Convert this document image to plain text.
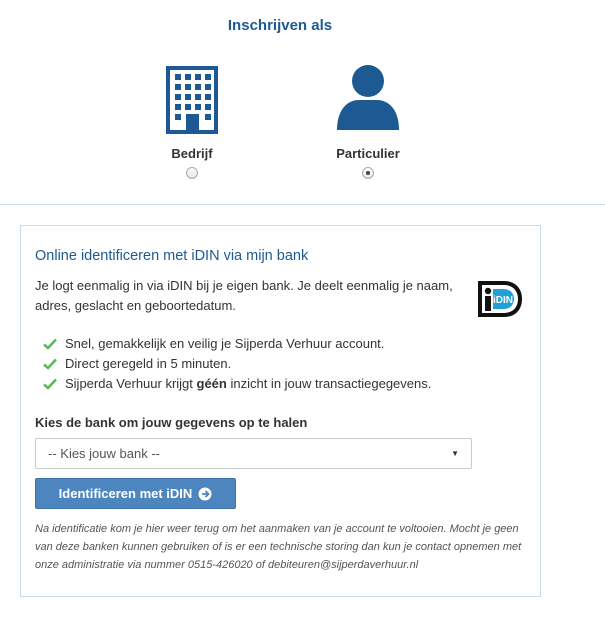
Inschrijven als
Bedrijf	Particulier
Online identificeren met iDIN via mijn bank
Je logt eenmalig in via iDIN bij je eigen bank. Je deelt eenmalig je naam, adres, geslacht en geboortedatum.	iDIN
Snel, gemakkelijk en veilig je Sijperda Verhuur account.
Direct geregeld in 5 minuten.
Sijperda Verhuur krijgt géén inzicht in jouw transactiegegevens.
Kies de bank om jouw gegevens op te halen
-- Kies jouw bank --	▼
Identificeren met iDIN
Na identificatie kom je hier weer terug om het aanmaken van je account te voltooien. Mocht je geen van deze banken kunnen gebruiken of is er een technische storing dan kun je contact opnemen met onze administratie via nummer 0515-426020 of debiteuren@sijperdaverhuur.nl
